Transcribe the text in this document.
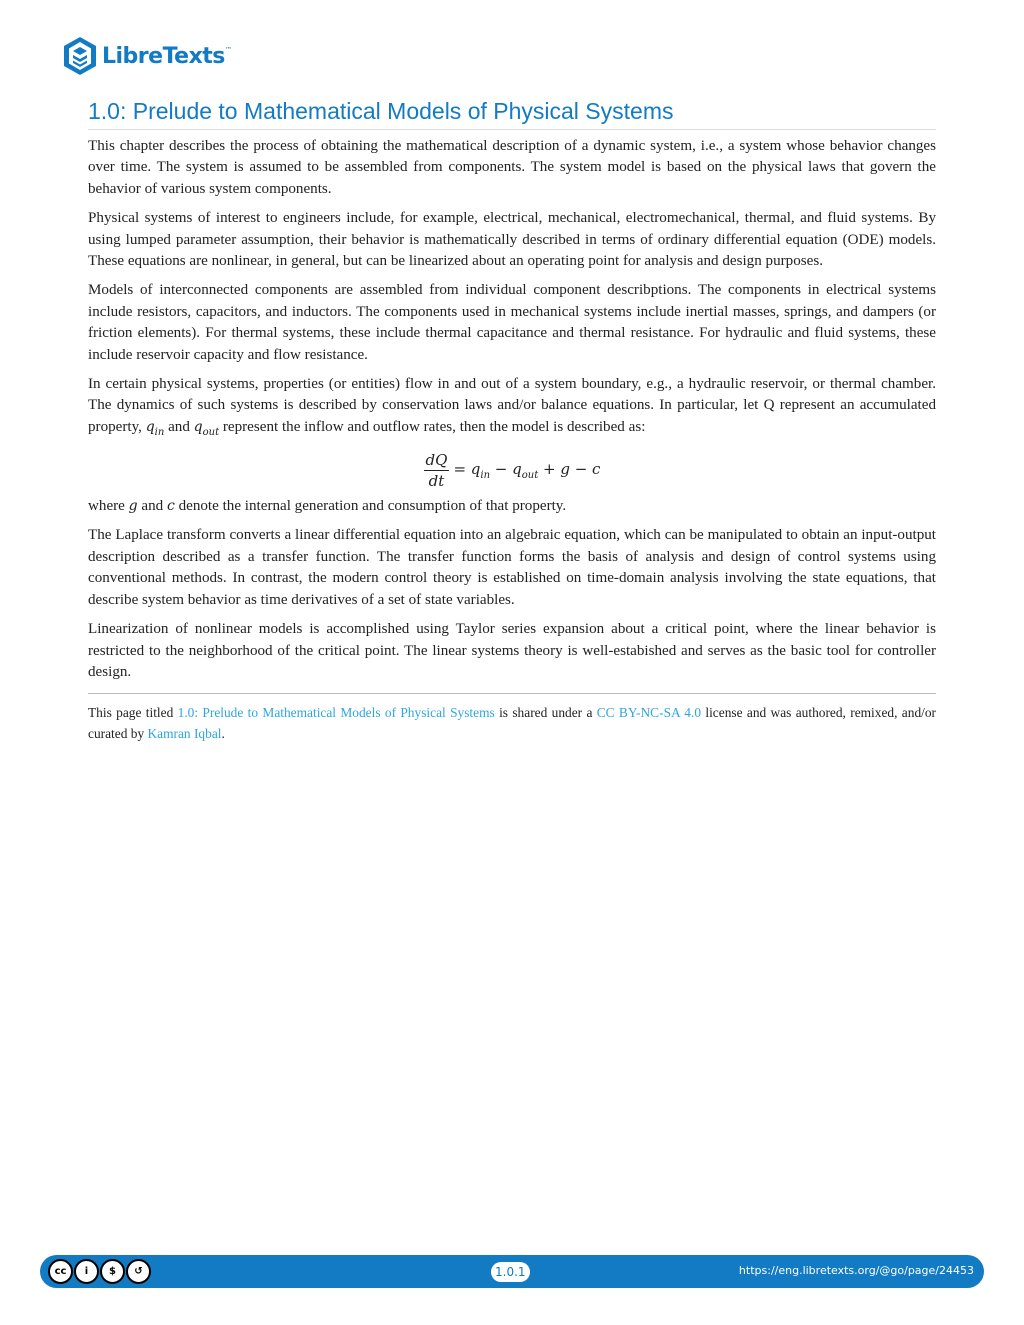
LibreTexts ™
1.0: Prelude to Mathematical Models of Physical Systems

This chapter describes the process of obtaining the mathematical description of a dynamic system, i.e., a system whose behavior changes over time. The system is assumed to be assembled from components. The system model is based on the physical laws that govern the behavior of various system components.

Physical systems of interest to engineers include, for example, electrical, mechanical, electromechanical, thermal, and fluid systems. By using lumped parameter assumption, their behavior is mathematically described in terms of ordinary differential equation (ODE) models. These equations are nonlinear, in general, but can be linearized about an operating point for analysis and design purposes.

Models of interconnected components are assembled from individual component describptions. The components in electrical systems include resistors, capacitors, and inductors. The components used in mechanical systems include inertial masses, springs, and dampers (or friction elements). For thermal systems, these include thermal capacitance and thermal resistance. For hydraulic and fluid systems, these include reservoir capacity and flow resistance.

In certain physical systems, properties (or entities) flow in and out of a system boundary, e.g., a hydraulic reservoir, or thermal chamber. The dynamics of such systems is described by conservation laws and/or balance equations. In particular, let Q represent an accumulated property, $q_{in}$ and $q_{out}$ represent the inflow and outflow rates, then the model is described as:

$\frac{dQ}{dt} = q_{in} - q_{out} + g - c$

where g and c denote the internal generation and consumption of that property.

The Laplace transform converts a linear differential equation into an algebraic equation, which can be manipulated to obtain an input-output description described as a transfer function. The transfer function forms the basis of analysis and design of control systems using conventional methods. In contrast, the modern control theory is established on time-domain analysis involving the state equations, that describe system behavior as time derivatives of a set of state variables.

Linearization of nonlinear models is accomplished using Taylor series expansion about a critical point, where the linear behavior is restricted to the neighborhood of the critical point. The linear systems theory is well-estabished and serves as the basic tool for controller design.

This page titled 1.0: Prelude to Mathematical Models of Physical Systems is shared under a CC BY-NC-SA 4.0 license and was authored, remixed, and/or curated by Kamran Iqbal.

cc	i	$	↺	1.0.1	https://eng.libretexts.org/@go/page/24453
